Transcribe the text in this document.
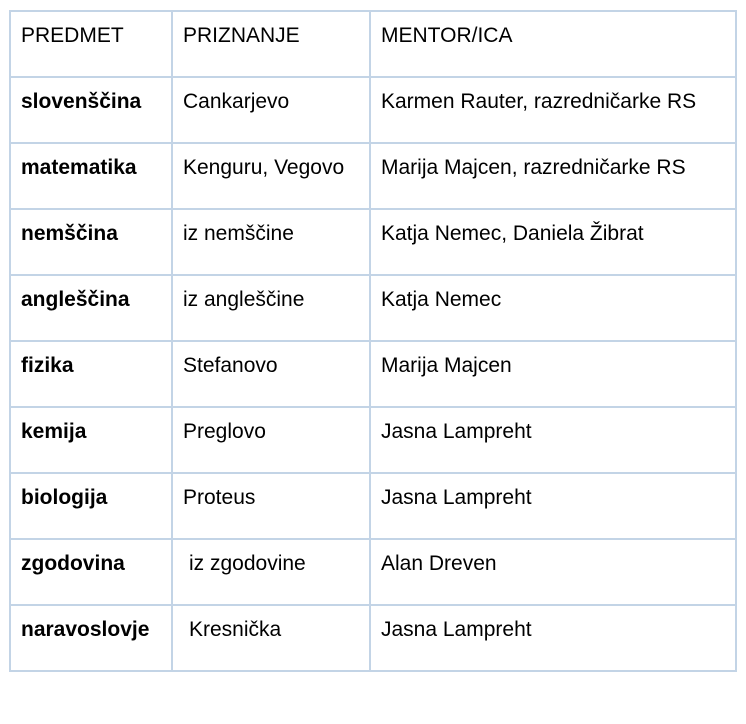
PREDMET	PRIZNANJE	MENTOR/ICA

slovenščina	Cankarjevo	Karmen Rauter, razredničarke RS

matematika	Kenguru, Vegovo	Marija Majcen, razredničarke RS

nemščina	iz nemščine	Katja Nemec, Daniela Žibrat

angleščina	iz angleščine	Katja Nemec

fizika	Stefanovo	Marija Majcen

kemija	Preglovo	Jasna Lampreht

biologija	Proteus	Jasna Lampreht

zgodovina	iz zgodovine	Alan Dreven

naravoslovje	Kresnička	Jasna Lampreht
